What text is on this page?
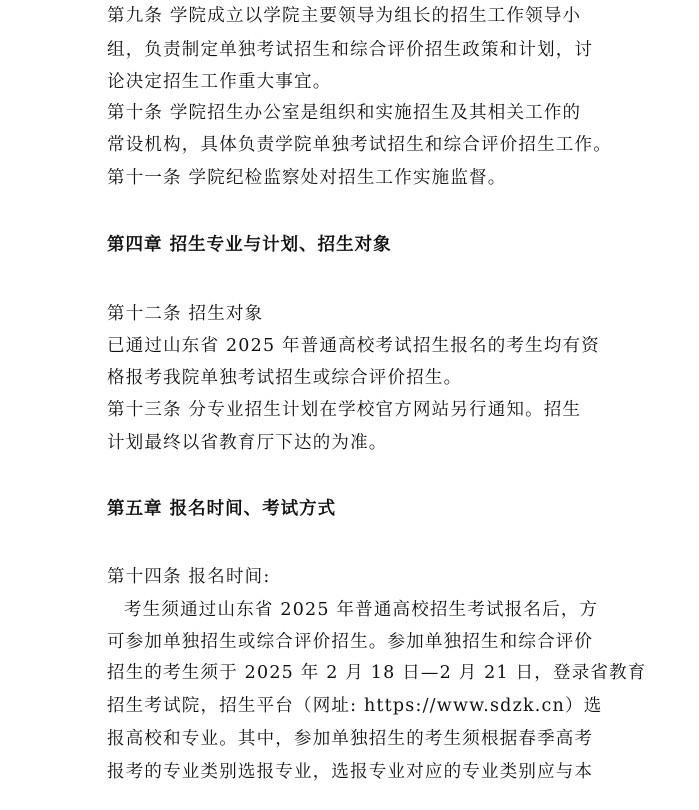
第九条 学院成立以学院主要领导为组长的招生工作领导小
组，负责制定单独考试招生和综合评价招生政策和计划，讨
论决定招生工作重大事宜。
第十条 学院招生办公室是组织和实施招生及其相关工作的
常设机构，具体负责学院单独考试招生和综合评价招生工作。
第十一条 学院纪检监察处对招生工作实施监督。
第四章 招生专业与计划、招生对象
第十二条 招生对象
已通过山东省 2025 年普通高校考试招生报名的考生均有资
格报考我院单独考试招生或综合评价招生。
第十三条 分专业招生计划在学校官方网站另行通知。招生
计划最终以省教育厅下达的为准。
第五章 报名时间、考试方式
第十四条 报名时间:
考生须通过山东省 2025 年普通高校招生考试报名后，方
可参加单独招生或综合评价招生。参加单独招生和综合评价
招生的考生须于 2025 年 2 月 18 日—2 月 21 日，登录省教育
招生考试院，招生平台（网址: https://www.sdzk.cn）选
报高校和专业。其中，参加单独招生的考生须根据春季高考
报考的专业类别选报专业，选报专业对应的专业类别应与本
